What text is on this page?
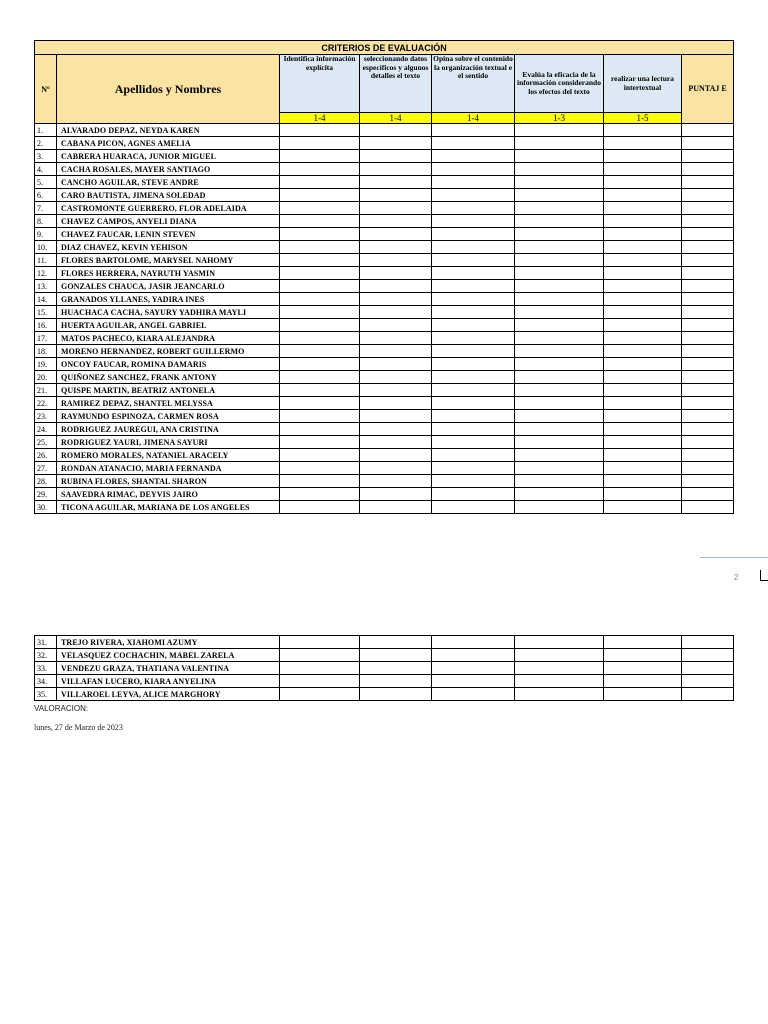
CRITERIOS DE EVALUACIÓN							
Nº	Apellidos y Nombres	Identifica información explícita	seleccionando datos específicos y algunos detalles el texto	Opina sobre el contenido la organización textual e el sentido	Evalúa la eficacia de la información considerando los efectos del texto	realizar una lectura intertextual	PUNTAJ E
		1-4	1-4	1-4	1-3	1-5	
1.	ALVARADO DEPAZ, NEYDA KAREN						
2.	CABANA PICON, AGNES AMELIA						
3.	CABRERA HUARACA, JUNIOR MIGUEL						
4.	CACHA ROSALES, MAYER SANTIAGO						
5.	CANCHO AGUILAR, STEVE ANDRE						
6.	CARO BAUTISTA, JIMENA SOLEDAD						
7.	CASTROMONTE GUERRERO, FLOR ADELAIDA						
8.	CHAVEZ CAMPOS, ANYELI DIANA						
9.	CHAVEZ FAUCAR, LENIN STEVEN						
10.	DIAZ CHAVEZ, KEVIN YEHISON						
11.	FLORES BARTOLOME, MARYSEL NAHOMY						
12.	FLORES HERRERA, NAYRUTH YASMIN						
13.	GONZALES CHAUCA, JASIR JEANCARLO						
14.	GRANADOS YLLANES, YADIRA INES						
15.	HUACHACA CACHA, SAYURY YADHIRA MAYLI						
16.	HUERTA AGUILAR, ANGEL GABRIEL						
17.	MATOS PACHECO, KIARA ALEJANDRA						
18.	MORENO HERNANDEZ, ROBERT GUILLERMO						
19.	ONCOY FAUCAR, ROMINA DAMARIS						
20.	QUIÑONEZ SANCHEZ, FRANK ANTONY						
21.	QUISPE MARTIN, BEATRIZ ANTONELA						
22.	RAMIREZ DEPAZ, SHANTEL MELYSSA						
23.	RAYMUNDO ESPINOZA, CARMEN ROSA						
24.	RODRIGUEZ JAUREGUI, ANA CRISTINA						
25.	RODRIGUEZ YAURI, JIMENA SAYURI						
26.	ROMERO MORALES, NATANIEL ARACELY						
27.	RONDAN ATANACIO, MARIA FERNANDA						
28.	RUBINA FLORES, SHANTAL SHARON						
29.	SAAVEDRA RIMAC, DEYVIS JAIRO						
30.	TICONA AGUILAR, MARIANA DE LOS ANGELES						
2
31.	TREJO RIVERA, XIAHOMI AZUMY						
32.	VELASQUEZ COCHACHIN, MABEL ZARELA						
33.	VENDEZU GRAZA, THATIANA VALENTINA						
34.	VILLAFAN LUCERO, KIARA ANYELINA						
35.	VILLAROEL LEYVA, ALICE MARGHORY						
VALORACION:
lunes, 27 de Marzo de 2023
